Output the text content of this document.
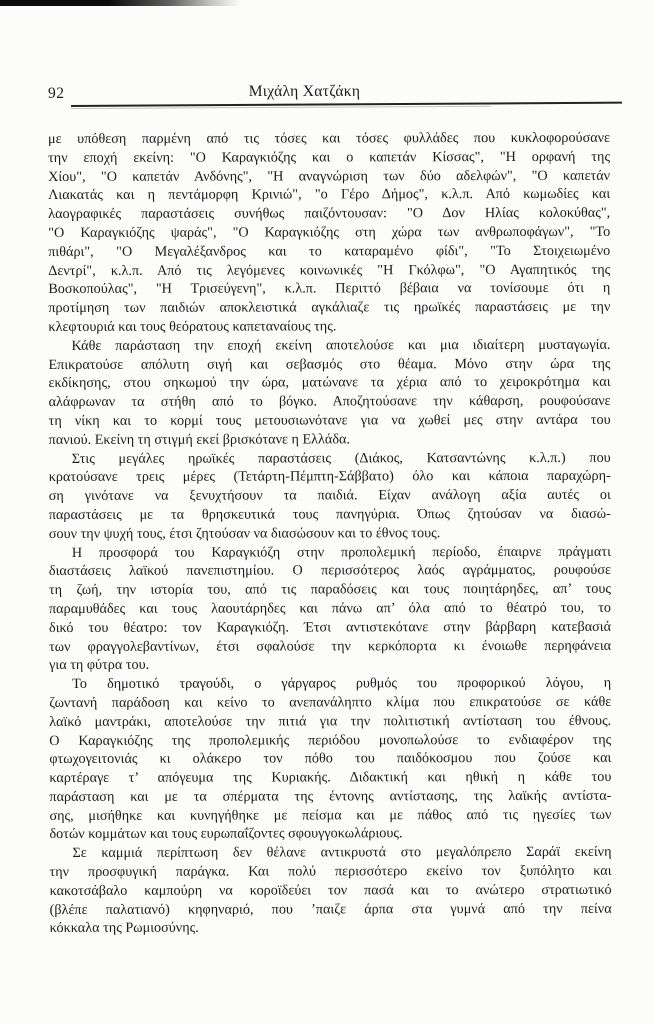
92	Μιχάλη Χατζάκη
με υπόθεση παρμένη από τις τόσες και τόσες φυλλάδες που κυκλοφορούσανε
την εποχή εκείνη: "Ο Καραγκιόζης και ο καπετάν Κίσσας", "Η ορφανή της
Χίου", "Ο καπετάν Ανδόνης", "Η αναγνώριση των δύο αδελφών", "Ο καπετάν
Λιακατάς και η πεντάμορφη Κρινιώ", "ο Γέρο Δήμος", κ.λ.π. Από κωμωδίες και
λαογραφικές παραστάσεις συνήθως παιζόντουσαν: "Ο Δον Ηλίας κολοκύθας",
"Ο Καραγκιόζης ψαράς", "Ο Καραγκιόζης στη χώρα των ανθρωποφάγων", "Το
πιθάρι", "Ο Μεγαλέξανδρος και το καταραμένο φίδι", "Το Στοιχειωμένο
Δεντρί", κ.λ.π. Από τις λεγόμενες κοινωνικές "Η Γκόλφω", "Ο Αγαπητικός της
Βοσκοπούλας", "Η Τρισεύγενη", κ.λ.π. Περιττό βέβαια να τονίσουμε ότι η
προτίμηση των παιδιών αποκλειστικά αγκάλιαζε τις ηρωϊκές παραστάσεις με την
κλεφτουριά και τους θεόρατους καπεταναίους της.
Κάθε παράσταση την εποχή εκείνη αποτελούσε και μια ιδιαίτερη μυσταγωγία.
Επικρατούσε απόλυτη σιγή και σεβασμός στο θέαμα. Μόνο στην ώρα της
εκδίκησης, στου σηκωμού την ώρα, ματώνανε τα χέρια από το χειροκρότημα και
αλάφρωναν τα στήθη από το βόγκο. Αποζητούσανε την κάθαρση, ρουφούσανε
τη νίκη και το κορμί τους μετουσιωνότανε για να χωθεί μες στην αντάρα του
πανιού. Εκείνη τη στιγμή εκεί βρισκότανε η Ελλάδα.
Στις μεγάλες ηρωϊκές παραστάσεις (Διάκος, Κατσαντώνης κ.λ.π.) που
κρατούσανε τρεις μέρες (Τετάρτη-Πέμπτη-Σάββατο) όλο και κάποια παραχώρη-
ση γινότανε να ξενυχτήσουν τα παιδιά. Είχαν ανάλογη αξία αυτές οι
παραστάσεις με τα θρησκευτικά τους πανηγύρια. Όπως ζητούσαν να διασώ-
σουν την ψυχή τους, έτσι ζητούσαν να διασώσουν και το έθνος τους.
Η προσφορά του Καραγκιόζη στην προπολεμική περίοδο, έπαιρνε πράγματι
διαστάσεις λαϊκού πανεπιστημίου. Ο περισσότερος λαός αγράμματος, ρουφούσε
τη ζωή, την ιστορία του, από τις παραδόσεις και τους ποιητάρηδες, απ’ τους
παραμυθάδες και τους λαουτάρηδες και πάνω απ’ όλα από το θέατρό του, το
δικό του θέατρο: τον Καραγκιόζη. Έτσι αντιστεκότανε στην βάρβαρη κατεβασιά
των φραγγολεβαντίνων, έτσι σφαλούσε την κερκόπορτα κι ένοιωθε περηφάνεια
για τη φύτρα του.
Το δημοτικό τραγούδι, ο γάργαρος ρυθμός του προφορικού λόγου, η
ζωντανή παράδοση και κείνο το ανεπανάληπτο κλίμα που επικρατούσε σε κάθε
λαϊκό μαντράκι, αποτελούσε την πιτιά για την πολιτιστική αντίσταση του έθνους.
Ο Καραγκιόζης της προπολεμικής περιόδου μονοπωλούσε το ενδιαφέρον της
φτωχογειτονιάς κι ολάκερο τον πόθο του παιδόκοσμου που ζούσε και
καρτέραγε τ’ απόγευμα της Κυριακής. Διδακτική και ηθική η κάθε του
παράσταση και με τα σπέρματα της έντονης αντίστασης, της λαϊκής αντίστα-
σης, μισήθηκε και κυνηγήθηκε με πείσμα και με πάθος από τις ηγεσίες των
δοτών κομμάτων και τους ευρωπαΐζοντες σφουγγοκωλάριους.
Σε καμμιά περίπτωση δεν θέλανε αντικρυστά στο μεγαλόπρεπο Σαράϊ εκείνη
την προσφυγική παράγκα. Και πολύ περισσότερο εκείνο τον ξυπόλητο και
κακοτσάβαλο καμπούρη να κοροϊδεύει τον πασά και το ανώτερο στρατιωτικό
(βλέπε παλατιανό) κηφηναριό, που ’παιζε άρπα στα γυμνά από την πείνα
κόκκαλα της Ρωμιοσύνης.
